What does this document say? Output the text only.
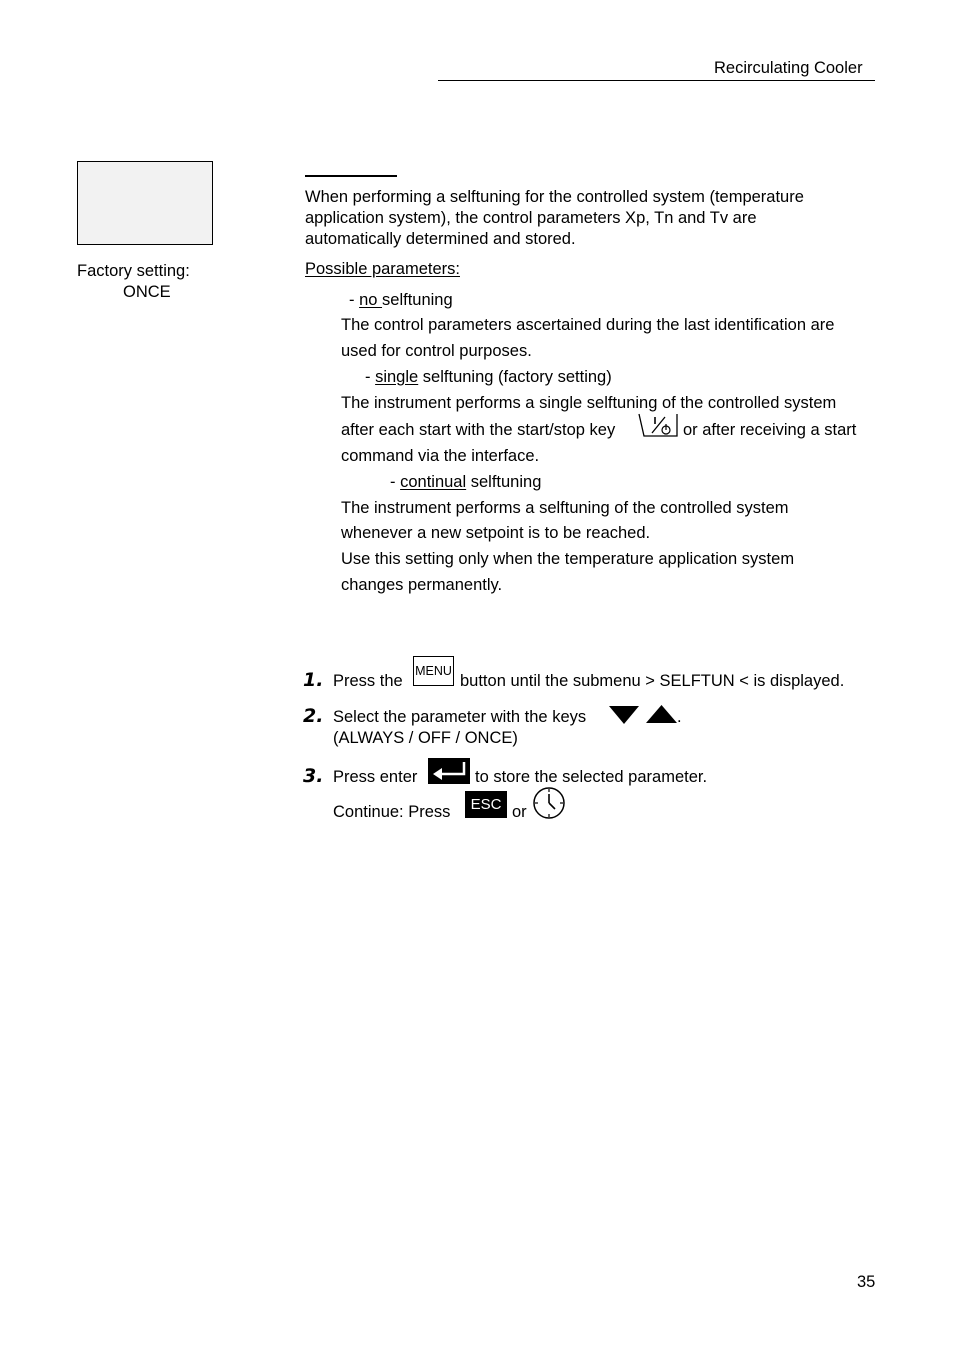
Recirculating Cooler
Factory setting:
ONCE
When performing a selftuning for the controlled system (temperature
application system), the control parameters Xp, Tn and Tv are
automatically determined and stored.
Possible parameters:
- no selftuning
The control parameters ascertained during the last identification are
used for control purposes.
- single selftuning (factory setting)
The instrument performs a single selftuning of the controlled system
after each start with the start/stop key	or after receiving a start
command via the interface.
- continual selftuning
The instrument performs a selftuning of the controlled system
whenever a new setpoint is to be reached.
Use this setting only when the temperature application system
changes permanently.
1. Press the
MENU
button until the submenu > SELFTUN < is displayed.
2. Select the parameter with the keys	.
(ALWAYS / OFF / ONCE)
3. Press enter	to store the selected parameter.
Continue: Press	ESC or
35
